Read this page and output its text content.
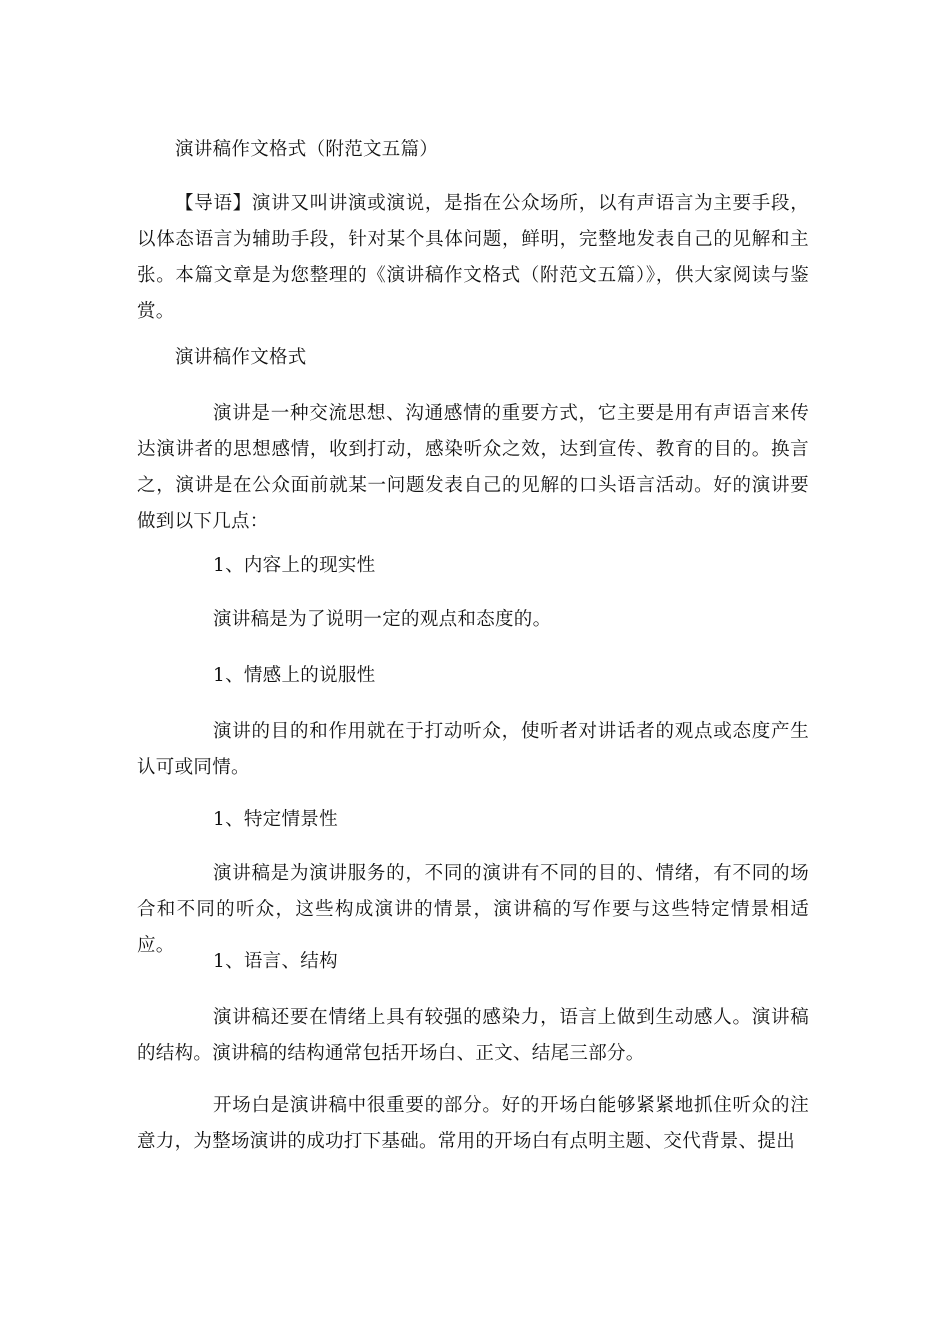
演讲稿作文格式（附范文五篇）

【导语】演讲又叫讲演或演说，是指在公众场所，以有声语言为主要手段，以体态语言为辅助手段，针对某个具体问题，鲜明，完整地发表自己的见解和主张。本篇文章是为您整理的《演讲稿作文格式（附范文五篇）》，供大家阅读与鉴赏。

演讲稿作文格式

演讲是一种交流思想、沟通感情的重要方式，它主要是用有声语言来传达演讲者的思想感情，收到打动，感染听众之效，达到宣传、教育的目的。换言之，演讲是在公众面前就某一问题发表自己的见解的口头语言活动。好的演讲要做到以下几点：

1、内容上的现实性

演讲稿是为了说明一定的观点和态度的。

1、情感上的说服性

演讲的目的和作用就在于打动听众，使听者对讲话者的观点或态度产生认可或同情。

1、特定情景性

演讲稿是为演讲服务的，不同的演讲有不同的目的、情绪，有不同的场合和不同的听众，这些构成演讲的情景，演讲稿的写作要与这些特定情景相适应。

1、语言、结构

演讲稿还要在情绪上具有较强的感染力，语言上做到生动感人。演讲稿的结构。演讲稿的结构通常包括开场白、正文、结尾三部分。

开场白是演讲稿中很重要的部分。好的开场白能够紧紧地抓住听众的注意力，为整场演讲的成功打下基础。常用的开场白有点明主题、交代背景、提出
